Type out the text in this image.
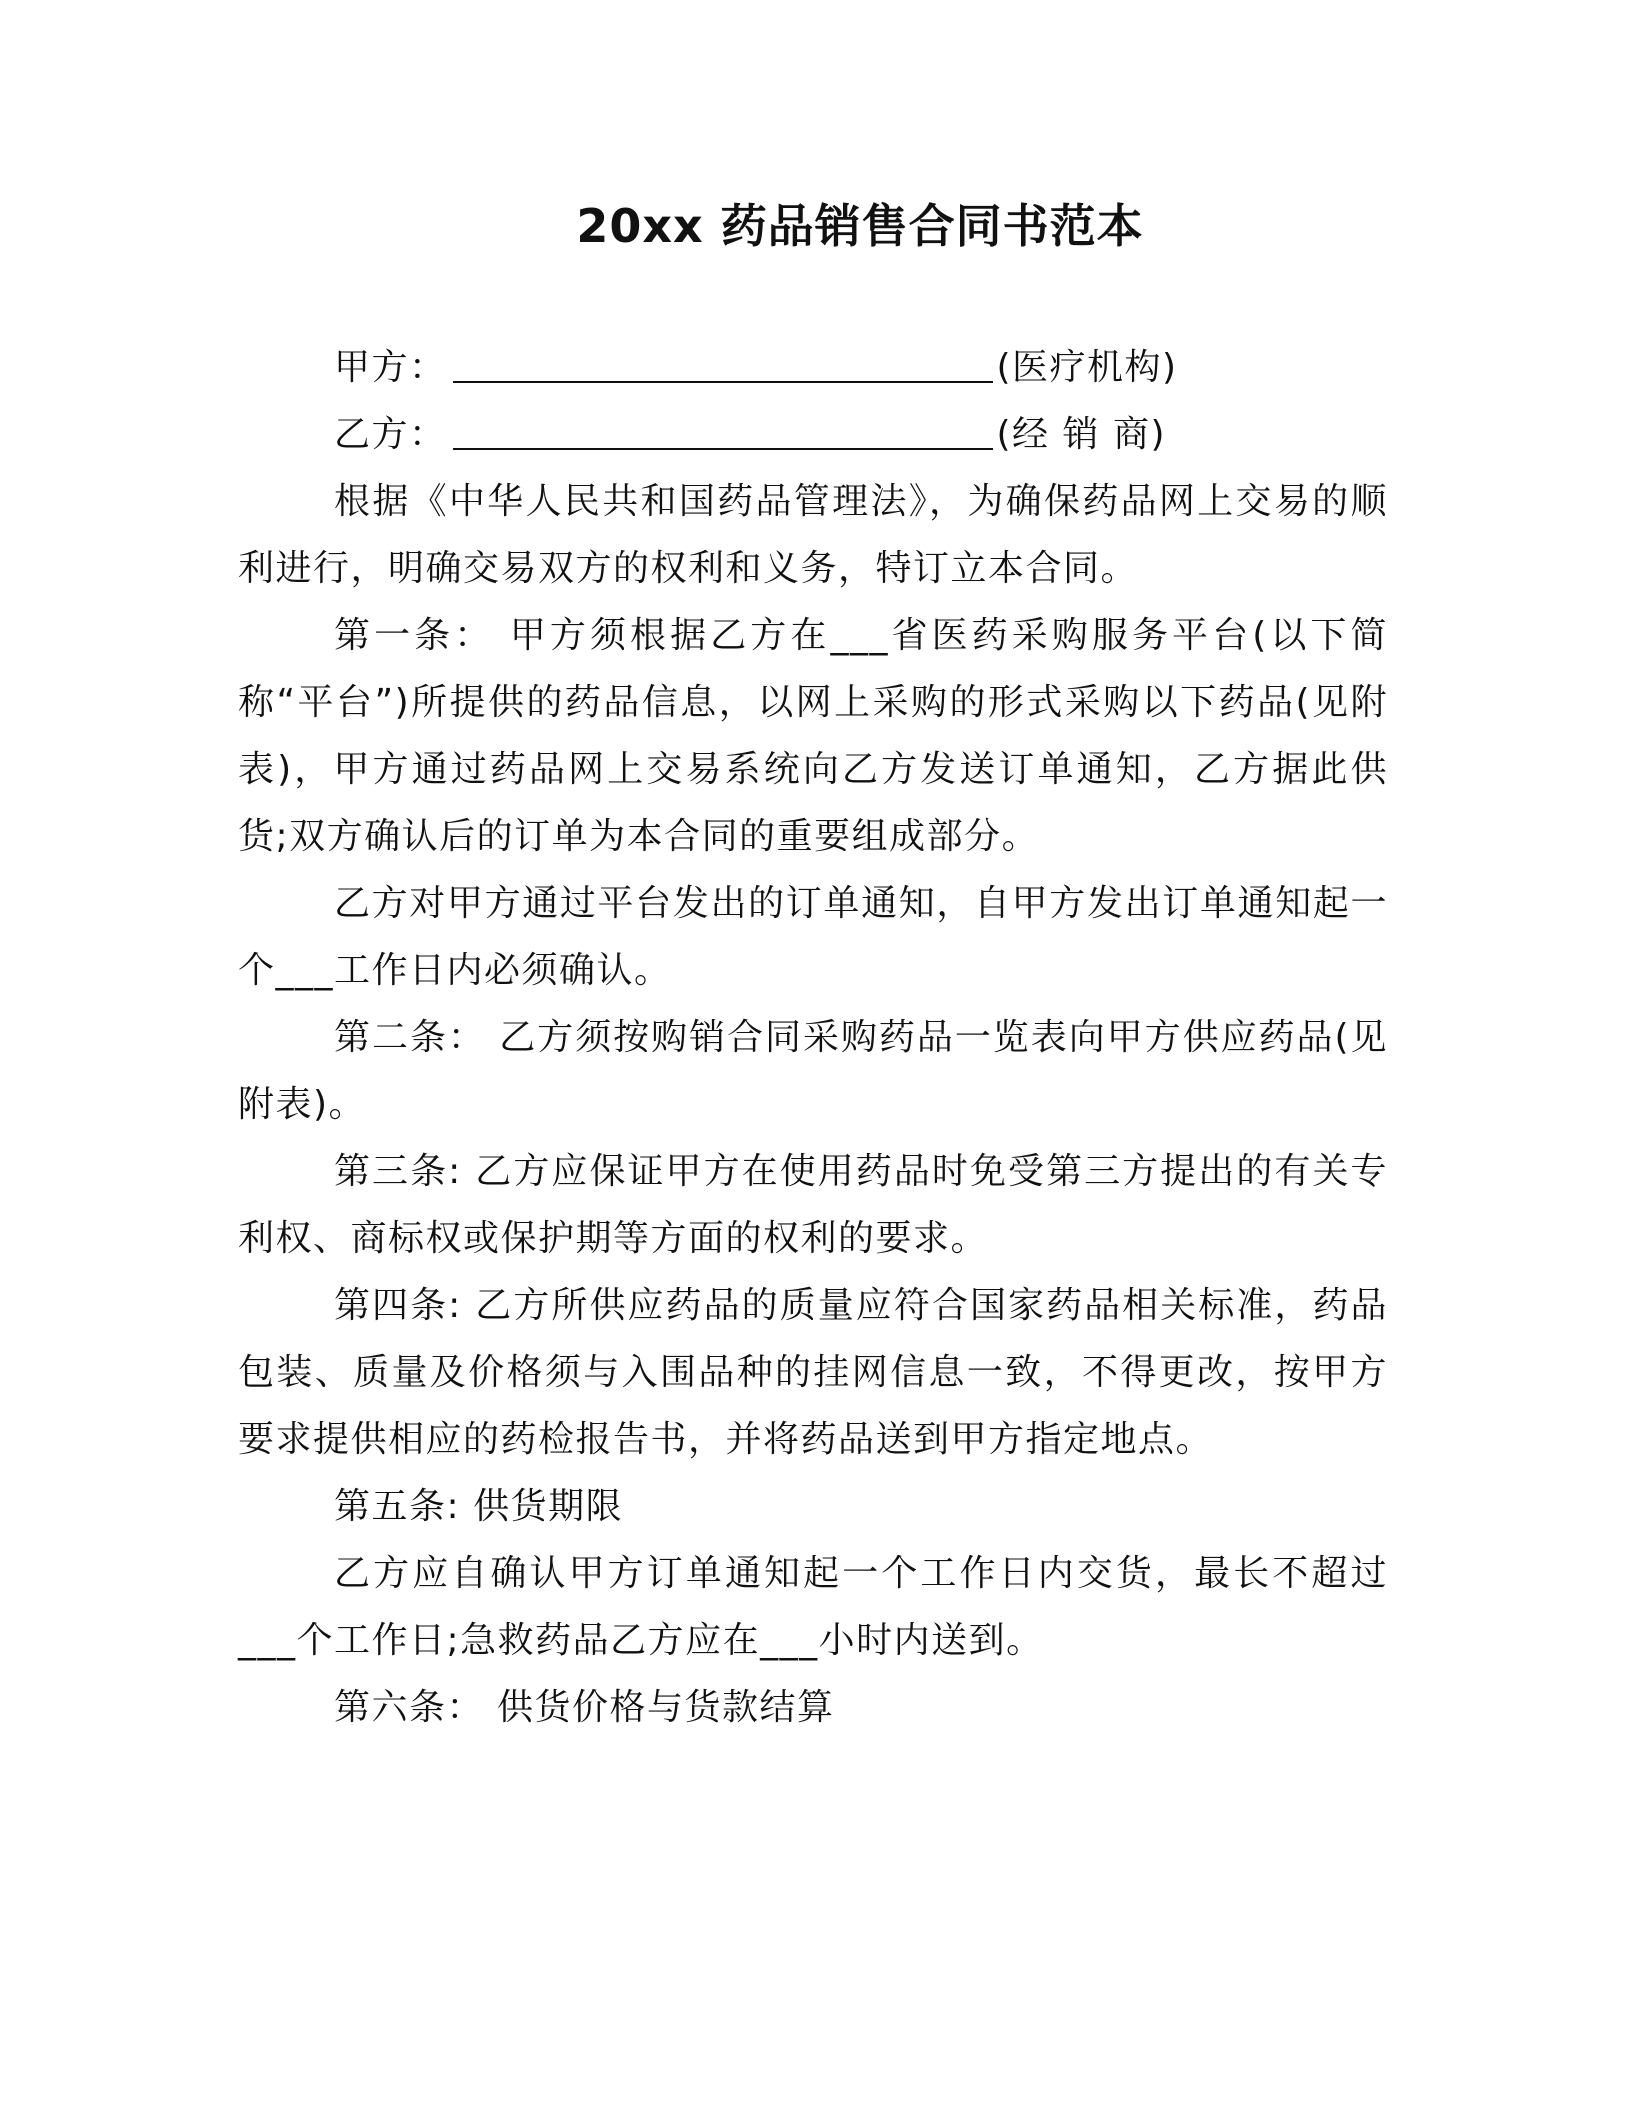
20xx 药品销售合同书范本

甲方：	(医疗机构)

乙方：	(经 销 商)

根据《中华人民共和国药品管理法》，为确保药品网上交易的顺利进行，明确交易双方的权利和义务，特订立本合同。

第一条： 甲方须根据乙方在___省医药采购服务平台(以下简称“平台”)所提供的药品信息，以网上采购的形式采购以下药品(见附表)，甲方通过药品网上交易系统向乙方发送订单通知，乙方据此供货;双方确认后的订单为本合同的重要组成部分。

乙方对甲方通过平台发出的订单通知，自甲方发出订单通知起一个___工作日内必须确认。

第二条： 乙方须按购销合同采购药品一览表向甲方供应药品(见附表)。

第三条: 乙方应保证甲方在使用药品时免受第三方提出的有关专利权、商标权或保护期等方面的权利的要求。

第四条: 乙方所供应药品的质量应符合国家药品相关标准，药品包装、质量及价格须与入围品种的挂网信息一致，不得更改，按甲方要求提供相应的药检报告书，并将药品送到甲方指定地点。

第五条: 供货期限

乙方应自确认甲方订单通知起一个工作日内交货，最长不超过___个工作日;急救药品乙方应在___小时内送到。

第六条： 供货价格与货款结算
